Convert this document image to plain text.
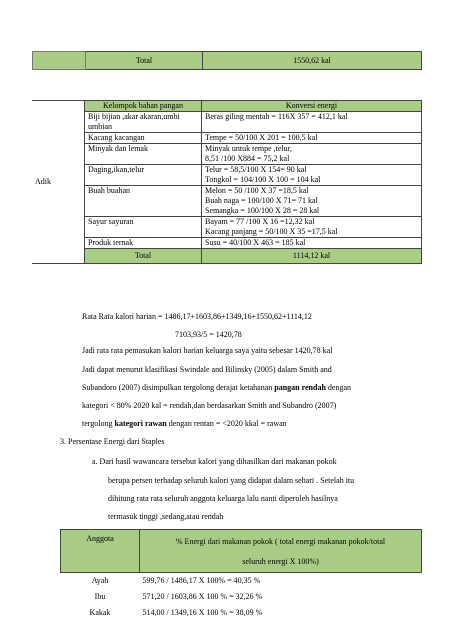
	Total	1550,62 kal
Adik	Kelompok bahan pangan	Konversi energi
	Biji bijian ,akar akaran,umbi umbian	Beras giling mentah = 116X 357 = 412,1 kal

	Kacang kacangan	Tempe = 50/100 X 201 = 100,5 kal

	Minyak dan lemak	Minyak untuk tempe ,telur,
8,51 /100 X884 = 75,2 kal

	Daging,ikan,telur	Telur = 58,5/100 X 154= 90 kal
Tongkol = 104/100 X 100 = 104 kal

	Buah buahan	Melon = 50 /100 X 37 =18,5 kal
Buah naga = 100/100 X 71= 71 kal
Semangka = 100/100 X 28 = 28 kal

	Sayur sayuran	Bayam = 77 /100 X 16 =12,32 kal
Kacang panjang = 50/100 X 35 =17,5 kal

	Produk ternak	Susu = 40/100 X 463 = 185 kal

	Total	1114,12 kal
Rata Rata kalori harian = 1486,17+1603,86+1349,16+1550,62+1114,12
7103,93/5 = 1420,78
Jadi rata rata pemasukan kalori harian keluarga saya yaitu sebesar 1420,78 kal
Jadi dapat menurut klasifikasi Swindale and Bilinsky (2005) dalam Smith and
Subandoro (2007) disimpulkan tergolong derajat ketahanan pangan rendah dengan
kategori < 80% 2020 kal = rendah,dan berdasarkan Smith and Subandro (2007)
tergolong kategori rawan dengan rentan = <2020 kkal = rawan
3. Persentase Energi dari Staples
a. Dari hasil wawancara tersebut kalori yang dihasilkan dari makanan pokok
berupa persen terhadap seluruh kalori yang didapat dalam sehari . Setelah itu
dihitung rata rata seluruh anggota keluarga lalu nanti diperoleh hasilnya
termasuk tinggi ,sedang,atau rendah
Anggota	% Energi dari makanan pokok ( total energi makanan pokok/total
seluruh energi X 100%)

Ayah	599,76 / 1486,17 X 100% = 40,35 %
Ibu	571,20 / 1603,86 X 100 % = 32,26 %
Kakak	514,00 / 1349,16 X 100 % = 38,09 %
